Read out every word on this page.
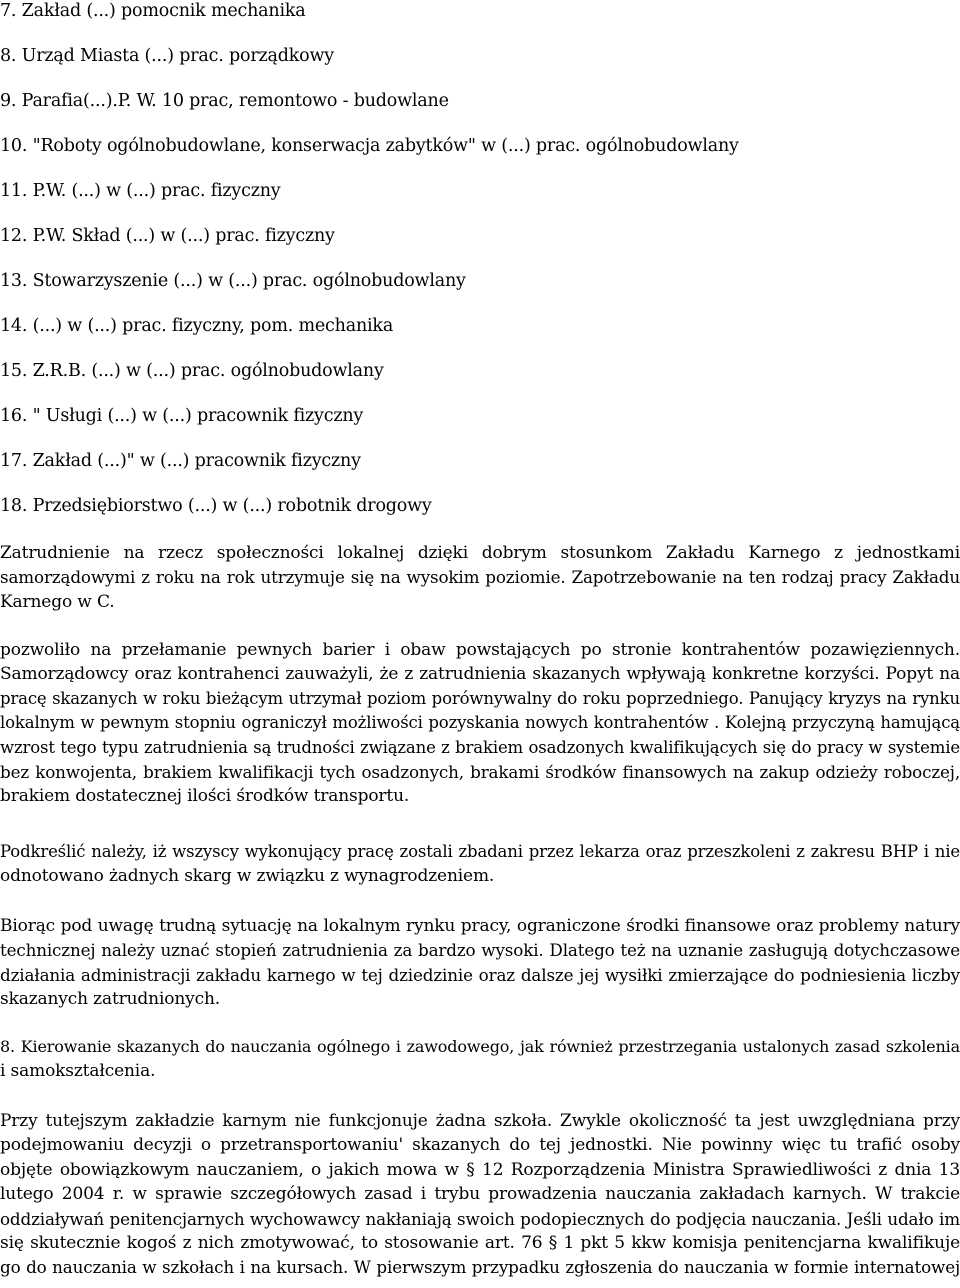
7. Zakład (...) pomocnik mechanika
8. Urząd Miasta (...) prac. porządkowy
9. Parafia(...).P. W. 10 prac, remontowo - budowlane
10. "Roboty ogólnobudowlane, konserwacja zabytków" w (...) prac. ogólnobudowlany
11. P.W. (...) w (...) prac. fizyczny
12. P.W. Skład (...) w (...) prac. fizyczny
13. Stowarzyszenie (...) w (...) prac. ogólnobudowlany
14. (...) w (...) prac. fizyczny, pom. mechanika
15. Z.R.B. (...) w (...) prac. ogólnobudowlany
16. " Usługi (...) w (...) pracownik fizyczny
17. Zakład (...)" w (...) pracownik fizyczny
18. Przedsiębiorstwo (...) w (...) robotnik drogowy
Zatrudnienie na rzecz społeczności lokalnej dzięki dobrym stosunkom Zakładu Karnego z jednostkami
samorządowymi z roku na rok utrzymuje się na wysokim poziomie. Zapotrzebowanie na ten rodzaj pracy Zakładu
Karnego w C.
pozwoliło na przełamanie pewnych barier i obaw powstających po stronie kontrahentów pozawięziennych.
Samorządowcy oraz kontrahenci zauważyli, że z zatrudnienia skazanych wpływają konkretne korzyści. Popyt na
pracę skazanych w roku bieżącym utrzymał poziom porównywalny do roku poprzedniego. Panujący kryzys na rynku
lokalnym w pewnym stopniu ograniczył możliwości pozyskania nowych kontrahentów . Kolejną przyczyną hamującą
wzrost tego typu zatrudnienia są trudności związane z brakiem osadzonych kwalifikujących się do pracy w systemie
bez konwojenta, brakiem kwalifikacji tych osadzonych, brakami środków finansowych na zakup odzieży roboczej,
brakiem dostatecznej ilości środków transportu.
Podkreślić należy, iż wszyscy wykonujący pracę zostali zbadani przez lekarza oraz przeszkoleni z zakresu BHP i nie
odnotowano żadnych skarg w związku z wynagrodzeniem.
Biorąc pod uwagę trudną sytuację na lokalnym rynku pracy, ograniczone środki finansowe oraz problemy natury
technicznej należy uznać stopień zatrudnienia za bardzo wysoki. Dlatego też na uznanie zasługują dotychczasowe
działania administracji zakładu karnego w tej dziedzinie oraz dalsze jej wysiłki zmierzające do podniesienia liczby
skazanych zatrudnionych.
8. Kierowanie skazanych do nauczania ogólnego i zawodowego, jak również przestrzegania ustalonych zasad szkolenia
i samokształcenia.
Przy tutejszym zakładzie karnym nie funkcjonuje żadna szkoła. Zwykle okoliczność ta jest uwzględniana przy
podejmowaniu decyzji o przetransportowaniu' skazanych do tej jednostki. Nie powinny więc tu trafić osoby
objęte obowiązkowym nauczaniem, o jakich mowa w § 12 Rozporządzenia Ministra Sprawiedliwości z dnia 13
lutego 2004 r. w sprawie szczegółowych zasad i trybu prowadzenia nauczania zakładach karnych. W trakcie
oddziaływań penitencjarnych wychowawcy nakłaniają swoich podopiecznych do podjęcia nauczania. Jeśli udało im
się skutecznie kogoś z nich zmotywować, to stosowanie art. 76 § 1 pkt 5 kkw komisja penitencjarna kwalifikuje
go do nauczania w szkołach i na kursach. W pierwszym przypadku zgłoszenia do nauczania w formie internatowej
